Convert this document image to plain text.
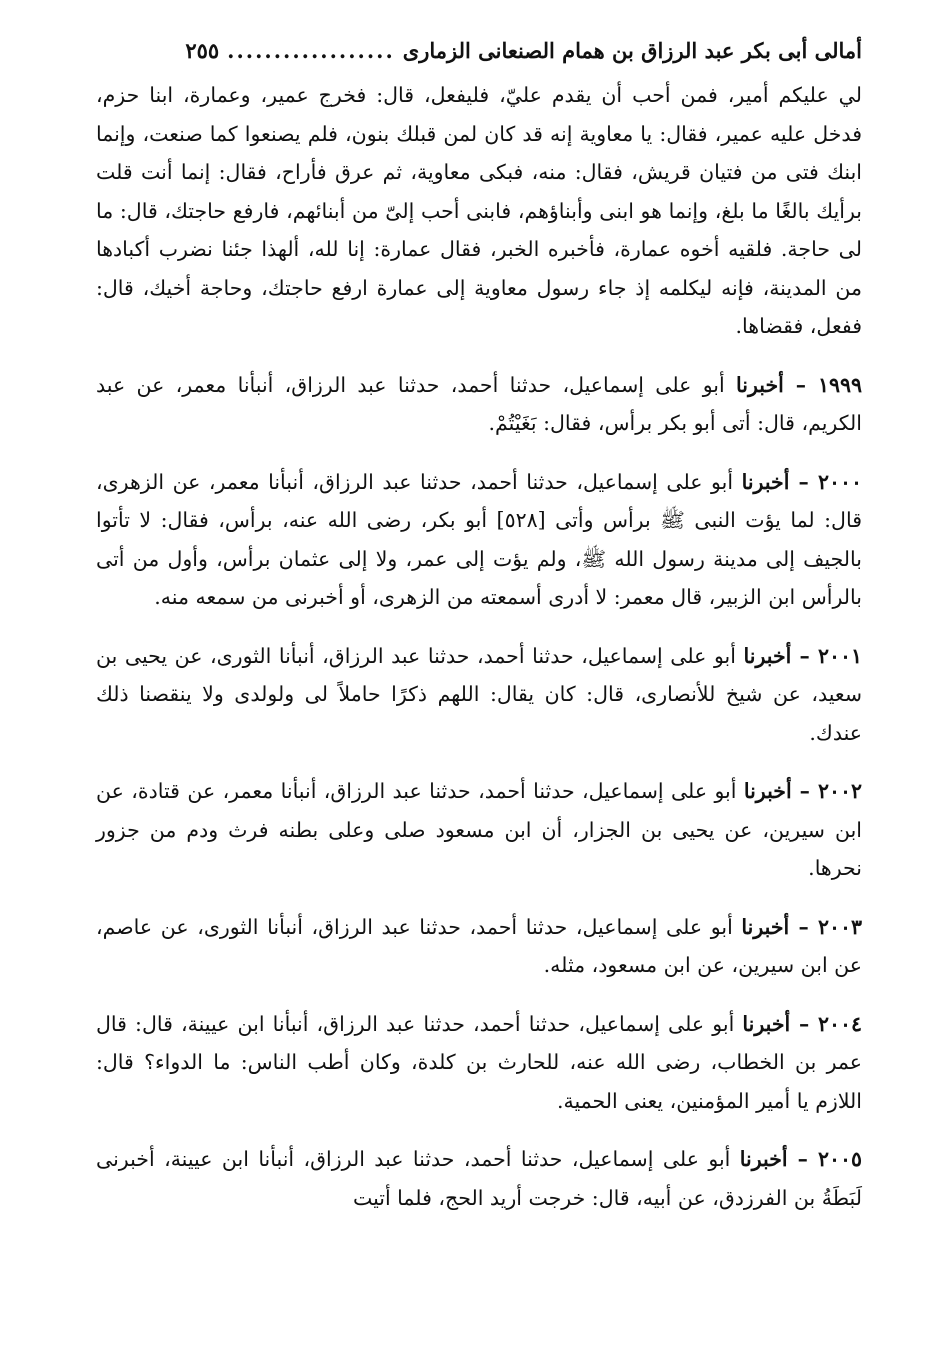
أمالى أبى بكر عبد الرزاق بن همام الصنعانى الزمارى
..................
٢٥٥

لي عليكم أمير، فمن أحب أن يقدم عليّ، فليفعل، قال: فخرج عمير، وعمارة، ابنا حزم، فدخل عليه عمير، فقال: يا معاوية إنه قد كان لمن قبلك بنون، فلم يصنعوا كما صنعت، وإنما ابنك فتى من فتيان قريش، فقال: منه، فبكى معاوية، ثم عرق فأراح، فقال: إنما أنت قلت برأيك بالغًا ما بلغ، وإنما هو ابنى وأبناؤهم، فابنى أحب إلىّ من أبنائهم، فارفع حاجتك، قال: ما لى حاجة. فلقيه أخوه عمارة، فأخبره الخبر، فقال عمارة: إنا لله، ألهذا جئنا نضرب أكبادها من المدينة، فإنه ليكلمه إذ جاء رسول معاوية إلى عمارة ارفع حاجتك، وحاجة أخيك، قال: ففعل، فقضاها.

١٩٩٩ – أخبرنا أبو على إسماعيل، حدثنا أحمد، حدثنا عبد الرزاق، أنبأنا معمر، عن عبد الكريم، قال: أتى أبو بكر برأس، فقال: بَغَيْتُمْ.

٢٠٠٠ – أخبرنا أبو على إسماعيل، حدثنا أحمد، حدثنا عبد الرزاق، أنبأنا معمر، عن الزهرى، قال: لما يؤت النبى ﷺ برأس وأتى [٥٢٨] أبو بكر، رضى الله عنه، برأس، فقال: لا تأتوا بالجيف إلى مدينة رسول الله ﷺ، ولم يؤت إلى عمر، ولا إلى عثمان برأس، وأول من أتى بالرأس ابن الزبير، قال معمر: لا أدرى أسمعته من الزهرى، أو أخبرنى من سمعه منه.

٢٠٠١ – أخبرنا أبو على إسماعيل، حدثنا أحمد، حدثنا عبد الرزاق، أنبأنا الثورى، عن يحيى بن سعيد، عن شيخ للأنصارى، قال: كان يقال: اللهم ذكرًا حاملاً لى ولولدى ولا ينقصنا ذلك عندك.

٢٠٠٢ – أخبرنا أبو على إسماعيل، حدثنا أحمد، حدثنا عبد الرزاق، أنبأنا معمر، عن قتادة، عن ابن سيرين، عن يحيى بن الجزار، أن ابن مسعود صلى وعلى بطنه فرث ودم من جزور نحرها.

٢٠٠٣ – أخبرنا أبو على إسماعيل، حدثنا أحمد، حدثنا عبد الرزاق، أنبأنا الثورى، عن عاصم، عن ابن سيرين، عن ابن مسعود، مثله.

٢٠٠٤ – أخبرنا أبو على إسماعيل، حدثنا أحمد، حدثنا عبد الرزاق، أنبأنا ابن عيينة، قال: قال عمر بن الخطاب، رضى الله عنه، للحارث بن كلدة، وكان أطب الناس: ما الدواء؟ قال: اللازم يا أمير المؤمنين، يعنى الحمية.

٢٠٠٥ – أخبرنا أبو على إسماعيل، حدثنا أحمد، حدثنا عبد الرزاق، أنبأنا ابن عيينة، أخبرنى لَبَطَةُ بن الفرزدق، عن أبيه، قال: خرجت أريد الحج، فلما أتيت
